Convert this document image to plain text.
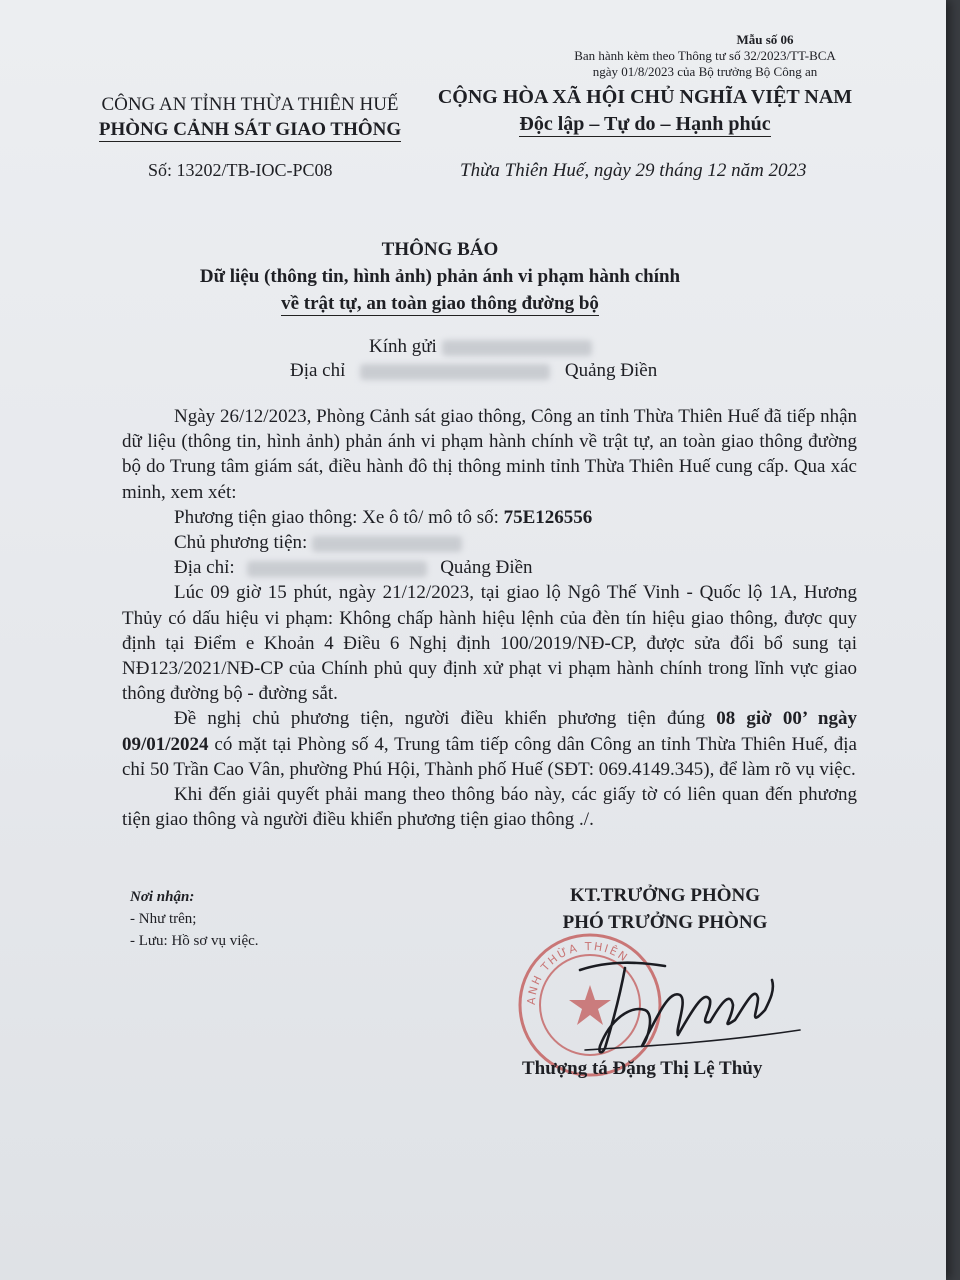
Mẫu số 06
Ban hành kèm theo Thông tư số 32/2023/TT-BCA
ngày 01/8/2023 của Bộ trưởng Bộ Công an
CÔNG AN TỈNH THỪA THIÊN HUẾ
PHÒNG CẢNH SÁT GIAO THÔNG
CỘNG HÒA XÃ HỘI CHỦ NGHĨA VIỆT NAM
Độc lập – Tự do – Hạnh phúc
Số: 13202/TB-IOC-PC08	Thừa Thiên Huế, ngày 29 tháng 12 năm 2023
THÔNG BÁO
Dữ liệu (thông tin, hình ảnh) phản ánh vi phạm hành chính
về trật tự, an toàn giao thông đường bộ
Kính gửi
Địa chỉ	Quảng Điền

Ngày 26/12/2023, Phòng Cảnh sát giao thông, Công an tỉnh Thừa Thiên Huế đã tiếp nhận dữ liệu (thông tin, hình ảnh) phản ánh vi phạm hành chính về trật tự, an toàn giao thông đường bộ do Trung tâm giám sát, điều hành đô thị thông minh tỉnh Thừa Thiên Huế cung cấp. Qua xác minh, xem xét:

Phương tiện giao thông: Xe ô tô/ mô tô số: 75E126556

Chủ phương tiện:

Địa chỉ:	Quảng Điền

Lúc 09 giờ 15 phút, ngày 21/12/2023, tại giao lộ Ngô Thế Vinh - Quốc lộ 1A, Hương Thủy có dấu hiệu vi phạm: Không chấp hành hiệu lệnh của đèn tín hiệu giao thông, được quy định tại Điểm e Khoản 4 Điều 6 Nghị định 100/2019/NĐ-CP, được sửa đổi bổ sung tại NĐ123/2021/NĐ-CP của Chính phủ quy định xử phạt vi phạm hành chính trong lĩnh vực giao thông đường bộ - đường sắt.

Đề nghị chủ phương tiện, người điều khiển phương tiện đúng 08 giờ 00’ ngày 09/01/2024 có mặt tại Phòng số 4, Trung tâm tiếp công dân Công an tỉnh Thừa Thiên Huế, địa chỉ 50 Trần Cao Vân, phường Phú Hội, Thành phố Huế (SĐT: 069.4149.345), để làm rõ vụ việc.

Khi đến giải quyết phải mang theo thông báo này, các giấy tờ có liên quan đến phương tiện giao thông và người điều khiển phương tiện giao thông ./.

Nơi nhận:
- Như trên;
- Lưu: Hồ sơ vụ việc.
KT.TRƯỞNG PHÒNG
PHÓ TRƯỞNG PHÒNG
ANH THỪA THIÊN
Thượng tá Đặng Thị Lệ Thủy
